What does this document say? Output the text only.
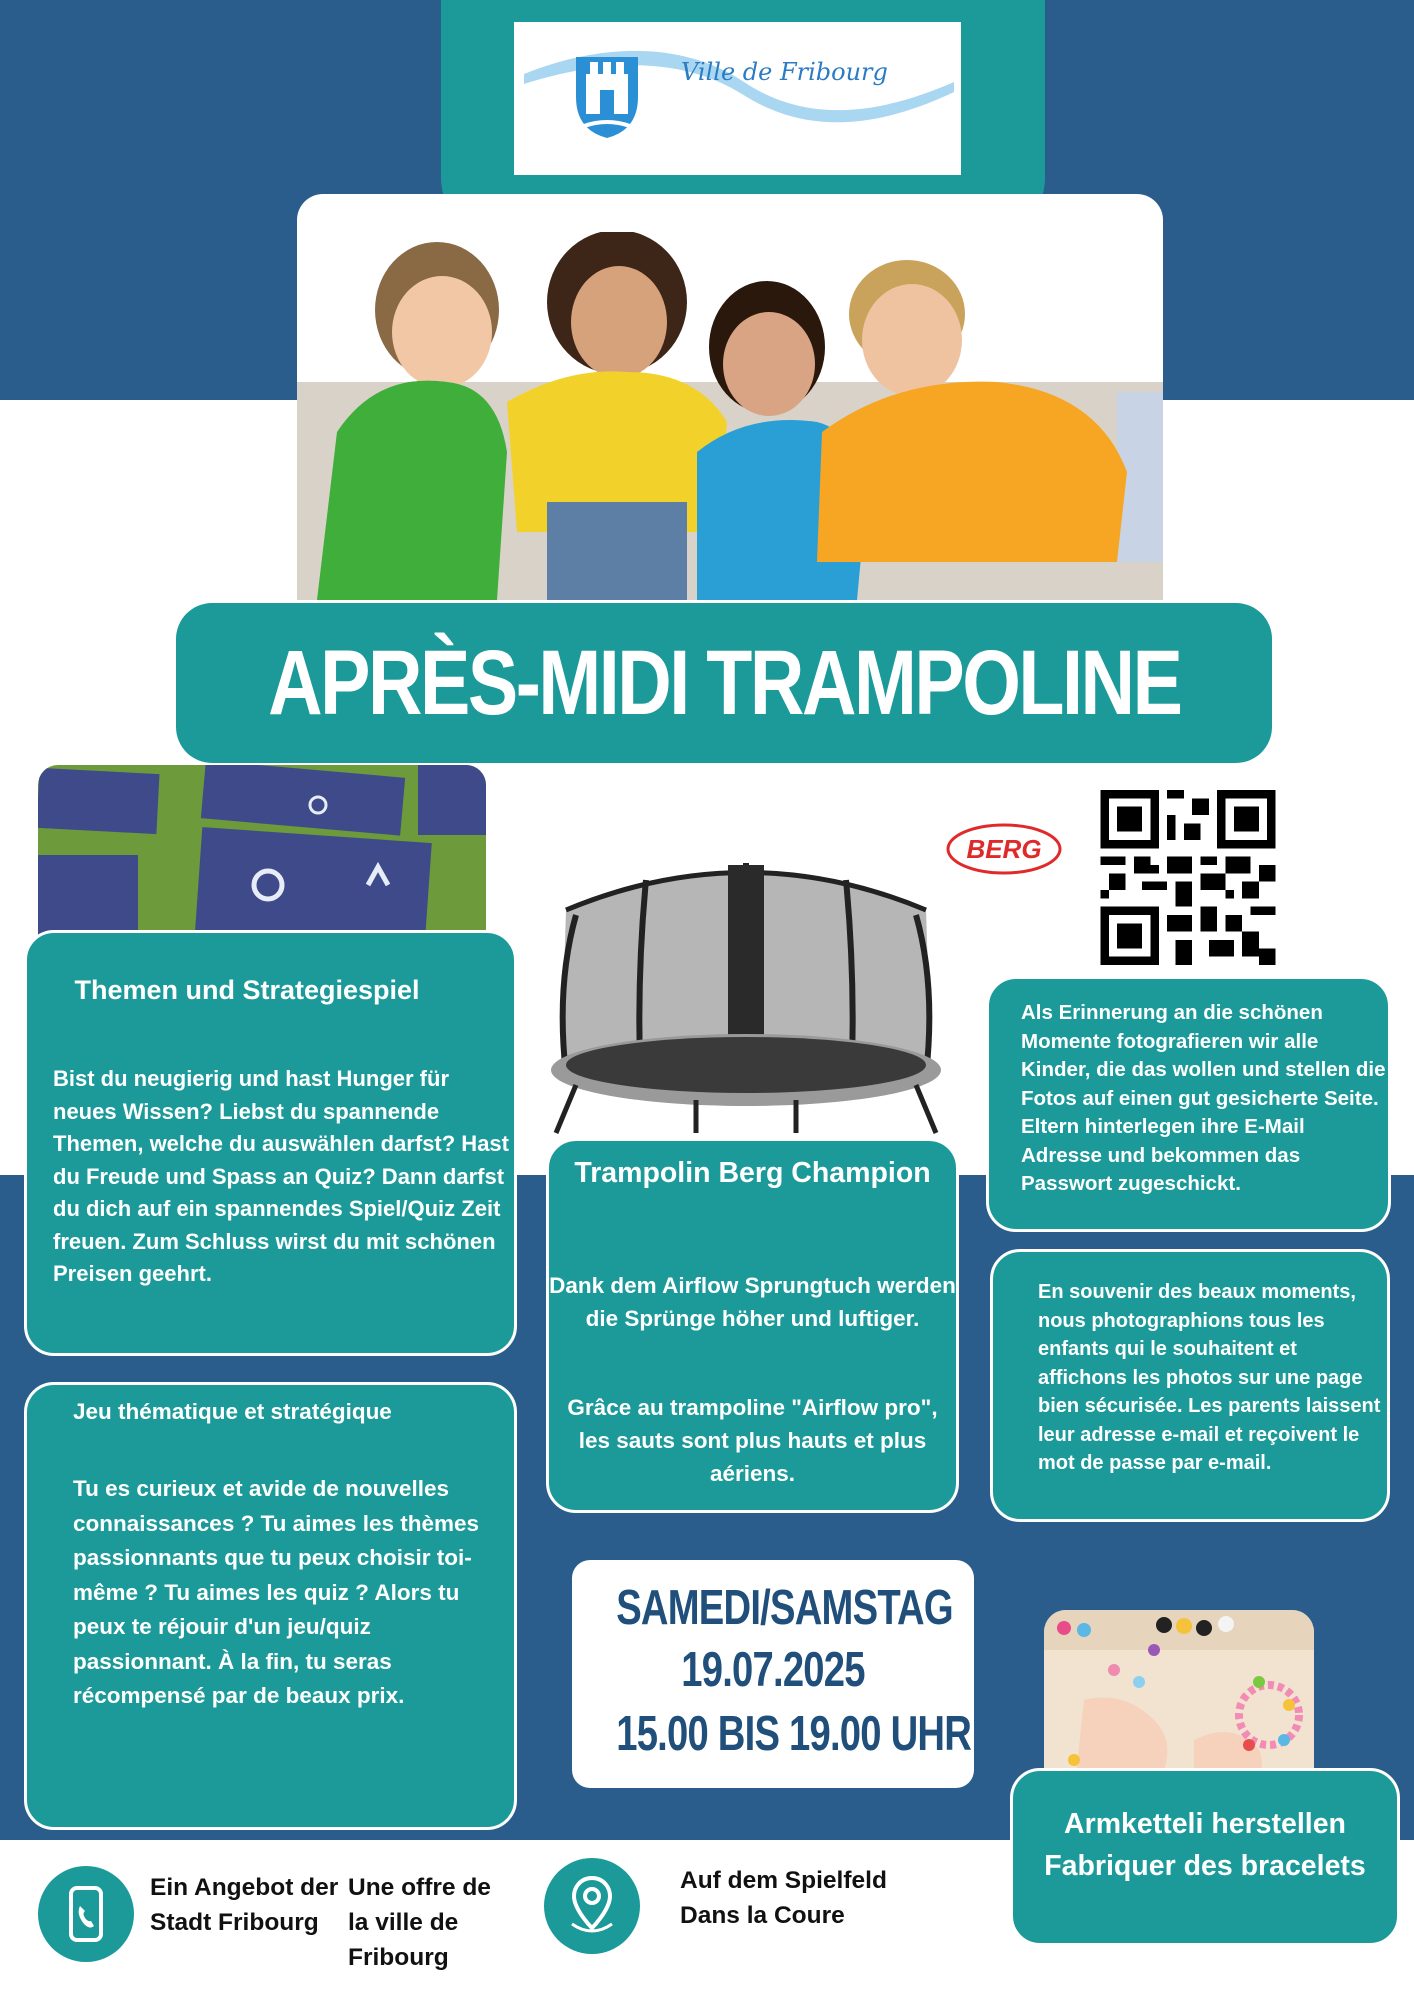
Ville de Fribourg
APRÈS-MIDI TRAMPOLINE
Themen und Strategiespiel
Bist du neugierig und hast Hunger für neues Wissen? Liebst du spannende Themen, welche du auswählen darfst? Hast du Freude und Spass an Quiz? Dann darfst du dich auf ein spannendes Spiel/Quiz Zeit freuen. Zum Schluss wirst du mit schönen Preisen geehrt.
Jeu thématique et stratégique
Tu es curieux et avide de nouvelles connaissances ? Tu aimes les thèmes passionnants que tu peux choisir toi-même ? Tu aimes les quiz ? Alors tu peux te réjouir d'un jeu/quiz passionnant. À la fin, tu seras récompensé par de beaux prix.
Trampolin Berg Champion
Dank dem Airflow Sprungtuch werden die Sprünge höher und luftiger.
Grâce au trampoline "Airflow pro", les sauts sont plus hauts et plus aériens.
SAMEDI/SAMSTAG
19.07.2025
15.00 BIS 19.00 UHR
BERG
Als Erinnerung an die schönen Momente fotografieren wir alle Kinder, die das wollen und stellen die Fotos auf einen gut gesicherte Seite. Eltern hinterlegen ihre E-Mail Adresse und bekommen das Passwort zugeschickt.
En souvenir des beaux moments, nous photographions tous les enfants qui le souhaitent et affichons les photos sur une page bien sécurisée. Les parents laissent leur adresse e-mail et reçoivent le mot de passe par e-mail.
Armketteli herstellen
Fabriquer des bracelets
Ein Angebot der Stadt Fribourg
Une offre de la ville de Fribourg
Auf dem Spielfeld
Dans la Coure
